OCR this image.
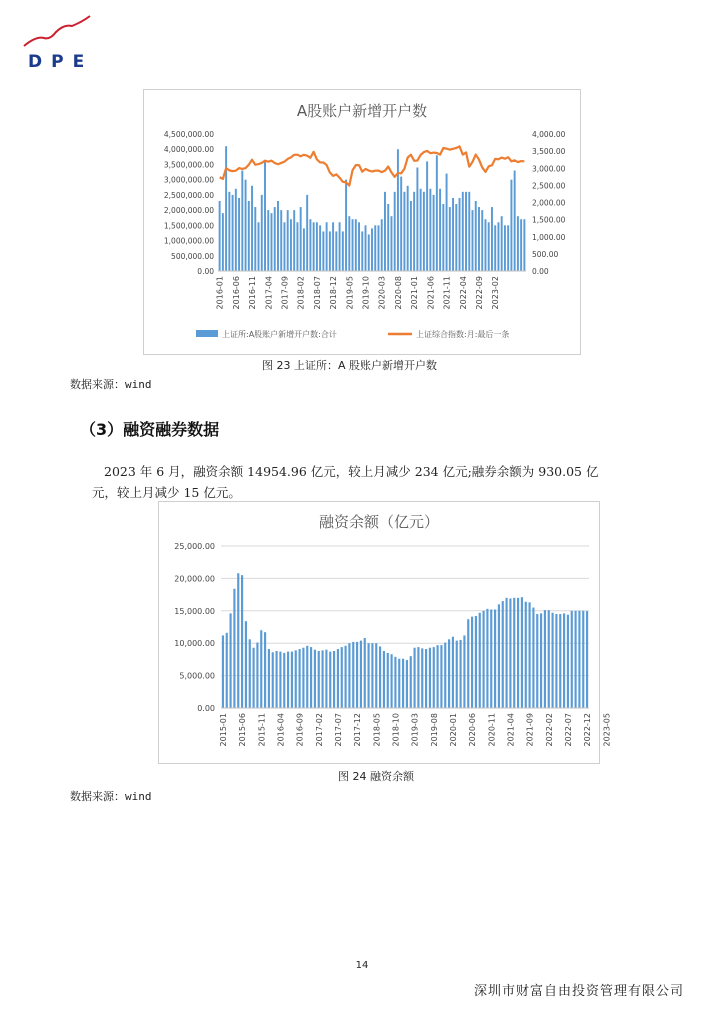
DPE
A股账户新增开户数
0.00
500,000.00
1,000,000.00
1,500,000.00
2,000,000.00
2,500,000.00
3,000,000.00
3,500,000.00
4,000,000.00
4,500,000.00
0.00
500.00
1,000.00
1,500.00
2,000.00
2,500.00
3,000.00
3,500.00
4,000.00
2016-01 2016-06 2016-11 2017-04 2017-09 2018-02 2018-07 2018-12 2019-05 2019-10 2020-03 2020-08 2021-01 2021-06 2021-11 2022-04 2022-09 2023-02
上证所:A股账户新增开户数:合计	上证综合指数:月:最后一条
图 23 上证所：A 股账户新增开户数
数据来源：wind
（3）融资融券数据
2023 年 6 月，融资余额 14954.96 亿元，较上月减少 234 亿元;融券余额为 930.05 亿
元，较上月减少 15 亿元。
融资余额（亿元）
0.00
5,000.00
10,000.00
15,000.00
20,000.00
25,000.00
2015-01 2015-06 2015-11 2016-04 2016-09 2017-02 2017-07 2017-12 2018-05 2018-10 2019-03 2019-08 2020-01 2020-06 2020-11 2021-04 2021-09 2022-02 2022-07 2022-12 2023-05
图 24 融资余额
数据来源：wind
14
深圳市财富自由投资管理有限公司
